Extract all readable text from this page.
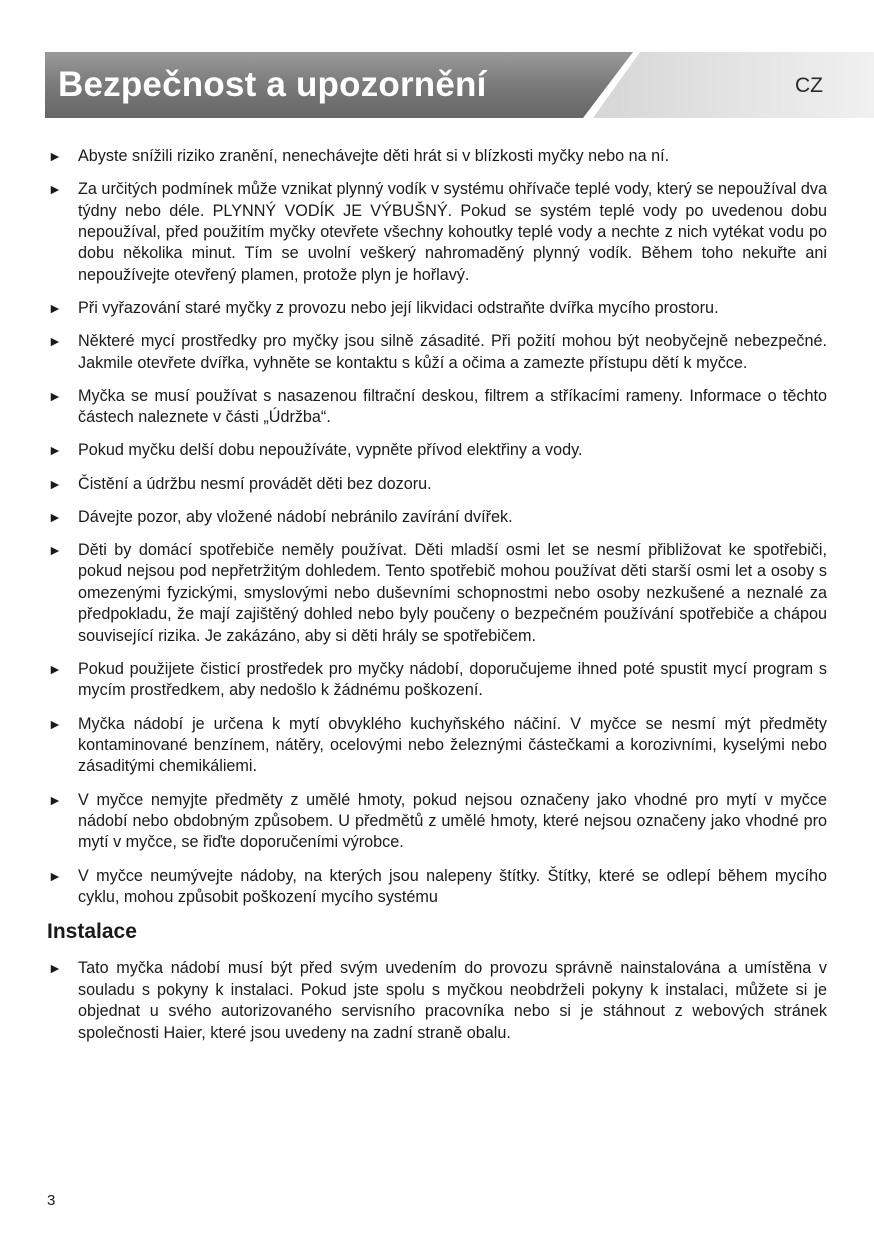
Bezpečnost a upozornění	CZ
► Abyste snížili riziko zranění, nenechávejte děti hrát si v blízkosti myčky nebo na ní.
► Za určitých podmínek může vznikat plynný vodík v systému ohřívače teplé vody, který se nepoužíval dva týdny nebo déle. PLYNNÝ VODÍK JE VÝBUŠNÝ. Pokud se systém teplé vody po uvedenou dobu nepoužíval, před použitím myčky otevřete všechny kohoutky teplé vody a nechte z nich vytékat vodu po dobu několika minut. Tím se uvolní veškerý nahromaděný plynný vodík. Během toho nekuřte ani nepoužívejte otevřený plamen, protože plyn je hořlavý.
► Při vyřazování staré myčky z provozu nebo její likvidaci odstraňte dvířka mycího prostoru.
► Některé mycí prostředky pro myčky jsou silně zásadité. Při požití mohou být neobyčejně nebezpečné. Jakmile otevřete dvířka, vyhněte se kontaktu s kůží a očima a zamezte přístupu dětí k myčce.
► Myčka se musí používat s nasazenou filtrační deskou, filtrem a stříkacími rameny. Informace o těchto částech naleznete v části „Údržba“.
► Pokud myčku delší dobu nepoužíváte, vypněte přívod elektřiny a vody.
► Čistění a údržbu nesmí provádět děti bez dozoru.
► Dávejte pozor, aby vložené nádobí nebránilo zavírání dvířek.
► Děti by domácí spotřebiče neměly používat. Děti mladší osmi let se nesmí přibližovat ke spotřebiči, pokud nejsou pod nepřetržitým dohledem. Tento spotřebič mohou používat děti starší osmi let a osoby s omezenými fyzickými, smyslovými nebo duševními schopnostmi nebo osoby nezkušené a neznalé za předpokladu, že mají zajištěný dohled nebo byly poučeny o bezpečném používání spotřebiče a chápou související rizika. Je zakázáno, aby si děti hrály se spotřebičem.
► Pokud použijete čisticí prostředek pro myčky nádobí, doporučujeme ihned poté spustit mycí program s mycím prostředkem, aby nedošlo k žádnému poškození.
► Myčka nádobí je určena k mytí obvyklého kuchyňského náčiní. V myčce se nesmí mýt předměty kontaminované benzínem, nátěry, ocelovými nebo železnými částečkami a korozivními, kyselými nebo zásaditými chemikáliemi.
► V myčce nemyjte předměty z umělé hmoty, pokud nejsou označeny jako vhodné pro mytí v myčce nádobí nebo obdobným způsobem. U předmětů z umělé hmoty, které nejsou označeny jako vhodné pro mytí v myčce, se řiďte doporučeními výrobce.
► V myčce neumývejte nádoby, na kterých jsou nalepeny štítky. Štítky, které se odlepí během mycího cyklu, mohou způsobit poškození mycího systému
Instalace
► Tato myčka nádobí musí být před svým uvedením do provozu správně nainstalována a umístěna v souladu s pokyny k instalaci. Pokud jste spolu s myčkou neobdrželi pokyny k instalaci, můžete si je objednat u svého autorizovaného servisního pracovníka nebo si je stáhnout z webových stránek společnosti Haier, které jsou uvedeny na zadní straně obalu.
3
